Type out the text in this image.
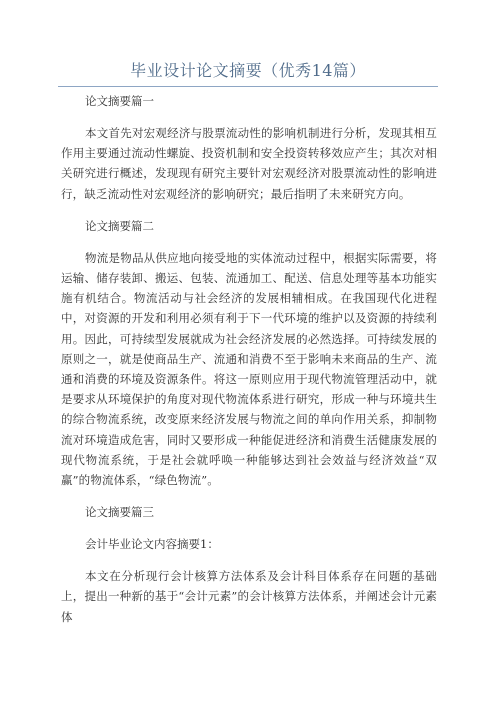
毕业设计论文摘要（优秀14篇）

论文摘要篇一

本文首先对宏观经济与股票流动性的影响机制进行分析，发现其相互作用主要通过流动性螺旋、投资机制和安全投资转移效应产生；其次对相关研究进行概述，发现现有研究主要针对宏观经济对股票流动性的影响进行，缺乏流动性对宏观经济的影响研究；最后指明了未来研究方向。

论文摘要篇二

物流是物品从供应地向接受地的实体流动过程中，根据实际需要，将运输、储存装卸、搬运、包装、流通加工、配送、信息处理等基本功能实施有机结合。物流活动与社会经济的发展相辅相成。在我国现代化进程中，对资源的开发和利用必须有利于下一代环境的维护以及资源的持续利用。因此，可持续型发展就成为社会经济发展的必然选择。可持续发展的原则之一，就是使商品生产、流通和消费不至于影响未来商品的生产、流通和消费的环境及资源条件。将这一原则应用于现代物流管理活动中，就是要求从环境保护的角度对现代物流体系进行研究，形成一种与环境共生的综合物流系统，改变原来经济发展与物流之间的单向作用关系，抑制物流对环境造成危害，同时又要形成一种能促进经济和消费生活健康发展的现代物流系统，于是社会就呼唤一种能够达到社会效益与经济效益“双赢”的物流体系，“绿色物流”。

论文摘要篇三

会计毕业论文内容摘要1：

本文在分析现行会计核算方法体系及会计科目体系存在问题的基础上，提出一种新的基于“会计元素”的会计核算方法体系，并阐述会计元素体
